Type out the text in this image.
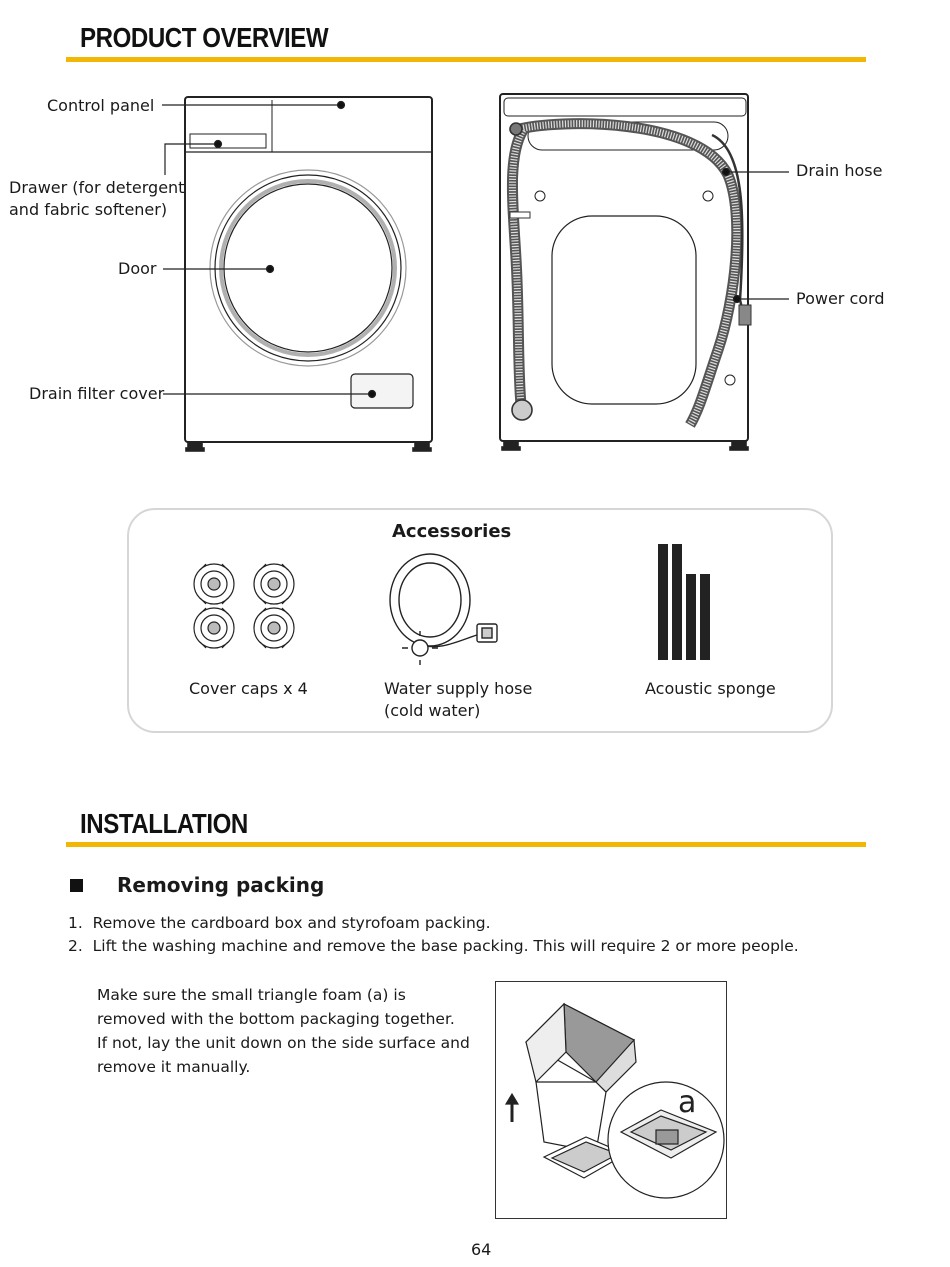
PRODUCT OVERVIEW
Control panel
Drawer (for detergent
and fabric softener)
Door
Drain filter cover
Drain hose
Power cord
Accessories
Cover caps x 4	Water supply hose
(cold water)
Acoustic sponge
INSTALLATION
Removing packing
1. Remove the cardboard box and styrofoam packing.
2. Lift the washing machine and remove the base packing. This will require 2 or more people.
Make sure the small triangle foam (a) is
removed with the bottom packaging together.
If not, lay the unit down on the side surface and
remove it manually.
a
64
